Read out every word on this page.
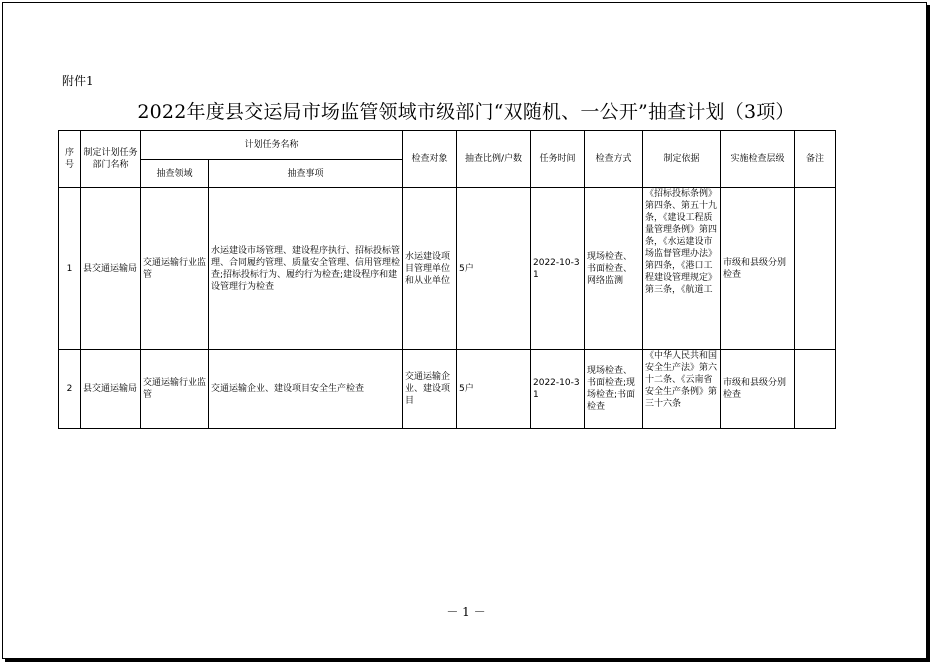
附件1
2022年度县交运局市场监管领域市级部门“双随机、一公开”抽查计划（3项）
序号	制定计划任务部门名称	计划任务名称		检查对象	抽查比例/户数	任务时间	检查方式	制定依据	实施检查层级	备注
		抽查领域	抽查事项							
1	县交通运输局	交通运输行业监管	水运建设市场管理、建设程序执行、招标投标管理、合同履约管理、质量安全管理、信用管理检查;招标投标行为、履约行为检查;建设程序和建设管理行为检查	水运建设项目管理单位和从业单位	5户	2022-10-31	现场检查、书面检查、网络监测	《招标投标条例》第四条、第五十九条，《建设工程质量管理条例》第四条，《水运建设市场监督管理办法》第四条，《港口工程建设管理规定》第三条，《航道工	市级和县级分别检查	
2	县交通运输局	交通运输行业监管	交通运输企业、建设项目安全生产检查	交通运输企业、建设项目	5户	2022-10-31	现场检查、书面检查;现场检查;书面检查	《中华人民共和国安全生产法》第六十二条、《云南省安全生产条例》第三十六条	市级和县级分别检查	
－ 1 －
